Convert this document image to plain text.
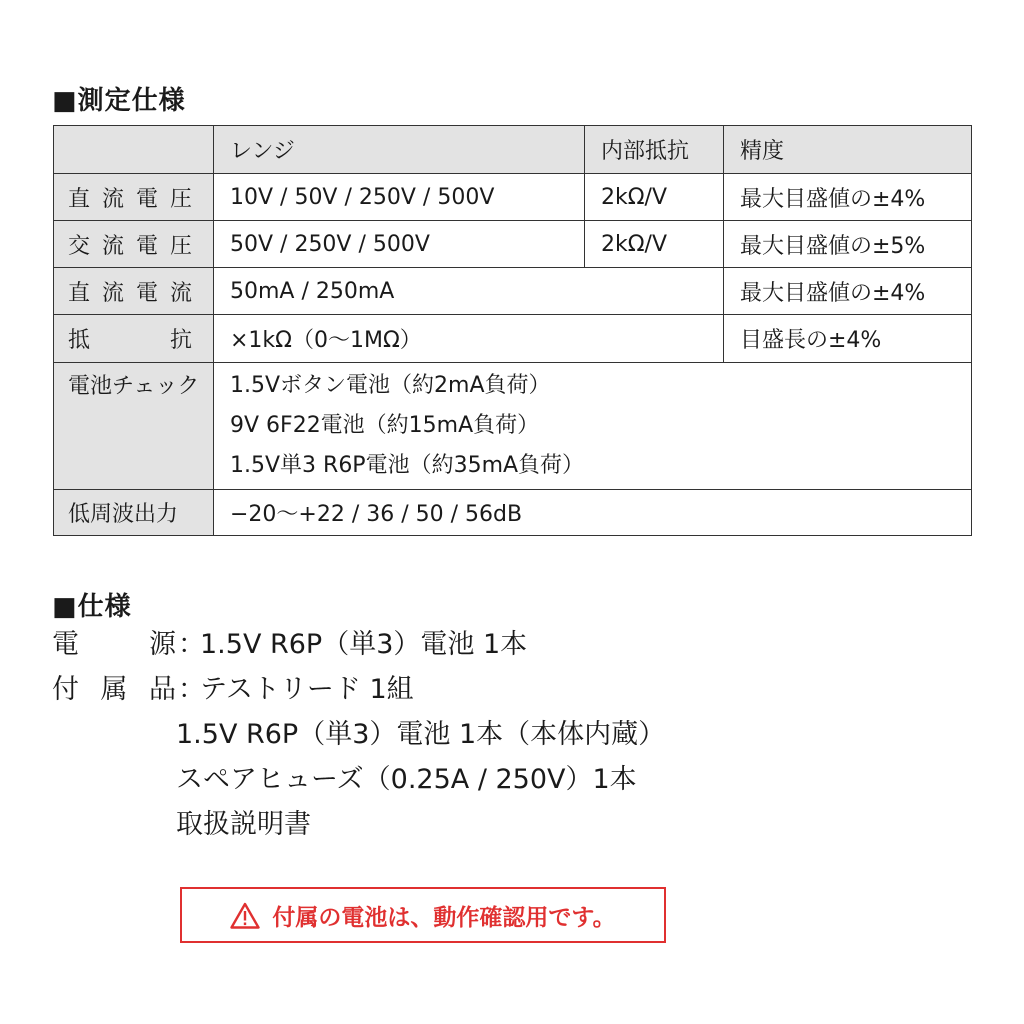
■測定仕様
	レンジ	内部抵抗	精度

直 流 電 圧	10V / 50V / 250V / 500V	2kΩ/V	最大目盛値の±4%

交 流 電 圧	50V / 250V / 500V	2kΩ/V	最大目盛値の±5%

直 流 電 流	50mA / 250mA		最大目盛値の±4%

抵 抗	×1kΩ（0〜1MΩ）		目盛長の±4%
電池チェック	1.5Vボタン電池（約2mA負荷）
9V 6F22電池（約15mA負荷）
1.5V単3 R6P電池（約35mA負荷）		

低周波出力	−20〜+22 / 36 / 50 / 56dB		
■仕様
電	源 ：
1.5V R6P（単3）電池 1本
付 属 品 ：
テストリード 1組
1.5V R6P（単3）電池 1本（本体内蔵）
スペアヒューズ（0.25A / 250V）1本
取扱説明書
付属の電池は、動作確認用です。
